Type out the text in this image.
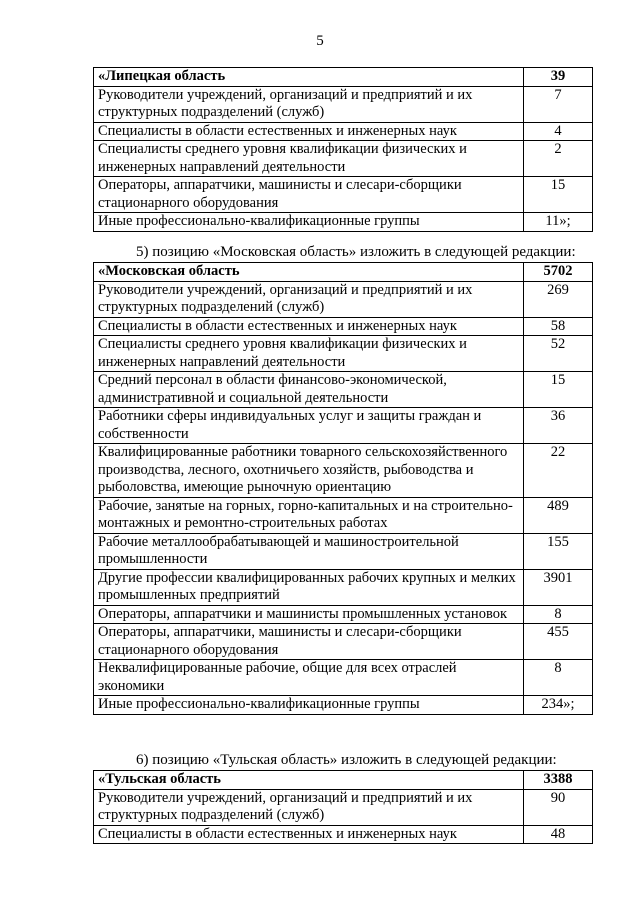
5
«Липецкая область	39
Руководители учреждений, организаций и предприятий и их структурных подразделений (служб)	7
Специалисты в области естественных и инженерных наук	4
Специалисты среднего уровня квалификации физических и инженерных направлений деятельности	2
Операторы, аппаратчики, машинисты и слесари-сборщики стационарного оборудования	15
Иные профессионально-квалификационные группы	11»;
5) позицию «Московская область» изложить в следующей редакции:
«Московская область	5702
Руководители учреждений, организаций и предприятий и их структурных подразделений (служб)	269
Специалисты в области естественных и инженерных наук	58
Специалисты среднего уровня квалификации физических и инженерных направлений деятельности	52
Средний персонал в области финансово-экономической, административной и социальной деятельности	15
Работники сферы индивидуальных услуг и защиты граждан и собственности	36
Квалифицированные работники товарного сельскохозяйственного производства, лесного, охотничьего хозяйств, рыбоводства и рыболовства, имеющие рыночную ориентацию	22
Рабочие, занятые на горных, горно-капитальных и на строительно-монтажных и ремонтно-строительных работах	489
Рабочие металлообрабатывающей и машиностроительной промышленности	155
Другие профессии квалифицированных рабочих крупных и мелких промышленных предприятий	3901
Операторы, аппаратчики и машинисты промышленных установок	8
Операторы, аппаратчики, машинисты и слесари-сборщики стационарного оборудования	455
Неквалифицированные рабочие, общие для всех отраслей экономики	8
Иные профессионально-квалификационные группы	234»;
6) позицию «Тульская область» изложить в следующей редакции:
«Тульская область	3388
Руководители учреждений, организаций и предприятий и их структурных подразделений (служб)	90
Специалисты в области естественных и инженерных наук	48
